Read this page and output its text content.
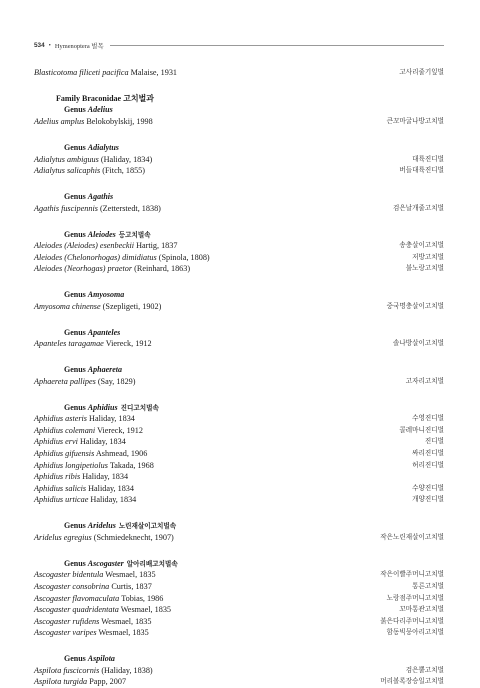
534 • Hymenoptera 벌목
Blasticotoma filiceti pacifica Malaise, 1931	고사리줄기잎벌
Family Braconidae 고치벌과
Genus Adelius
Adelius amplus Belokobylskij, 1998	큰꼬마굴나방고치벌
Genus Adialytus
Adialytus ambiguus (Haliday, 1834)	대륙진디벌
Adialytus salicaphis (Fitch, 1855)	버들대륙진디벌
Genus Agathis
Agathis fuscipennis (Zetterstedt, 1838)	검은날개줄고치벌
Genus Aleiodes 등고치벌속
Aleiodes (Aleiodes) esenbeckii Hartig, 1837	송충살이고치벌
Aleiodes (Chelonorhogas) dimidiatus (Spinola, 1808)	저방고치벌
Aleiodes (Neorhogas) praetor (Reinhard, 1863)	불노랑고치벌
Genus Amyosoma
Amyosoma chinense (Szepligeti, 1902)	중국명충살이고치벌
Genus Apanteles
Apanteles taragamae Viereck, 1912	솔나방살이고치벌
Genus Aphaereta
Aphaereta pallipes (Say, 1829)	고자리고치벌
Genus Aphidius 진디고치벌속
Aphidius asteris Haliday, 1834	수영진디벌
Aphidius colemani Viereck, 1912	콜레마니진디벌
Aphidius ervi Haliday, 1834	진디벌
Aphidius gifuensis Ashmead, 1906	싸리진디벌
Aphidius longipetiolus Takada, 1968	허리진디벌
Aphidius ribis Haliday, 1834
Aphidius salicis Haliday, 1834	수양진디벌
Aphidius urticae Haliday, 1834	개양진디벌
Genus Aridelus 노린재살이고치벌속
Aridelus egregius (Schmiedeknecht, 1907)	작은노린재살이고치벌
Genus Ascogaster 알아리배고치벌속
Ascogaster bidentula Wesmael, 1835	작은이빨주머니고치벌
Ascogaster consobrina Curtis, 1837	통른고치벌
Ascogaster flavomaculata Tobias, 1986	노랑점주머니고치벌
Ascogaster quadridentata Wesmael, 1835	꼬마통관고치벌
Ascogaster rufidens Wesmael, 1835	붉은다리주머니고치벌
Ascogaster varipes Wesmael, 1835	함동빅뭉아리고치벌
Genus Aspilota
Aspilota fuscicornis (Haliday, 1838)	검은뿔고치벌
Aspilota turgida Papp, 2007	머리볼록장승일고치벌
